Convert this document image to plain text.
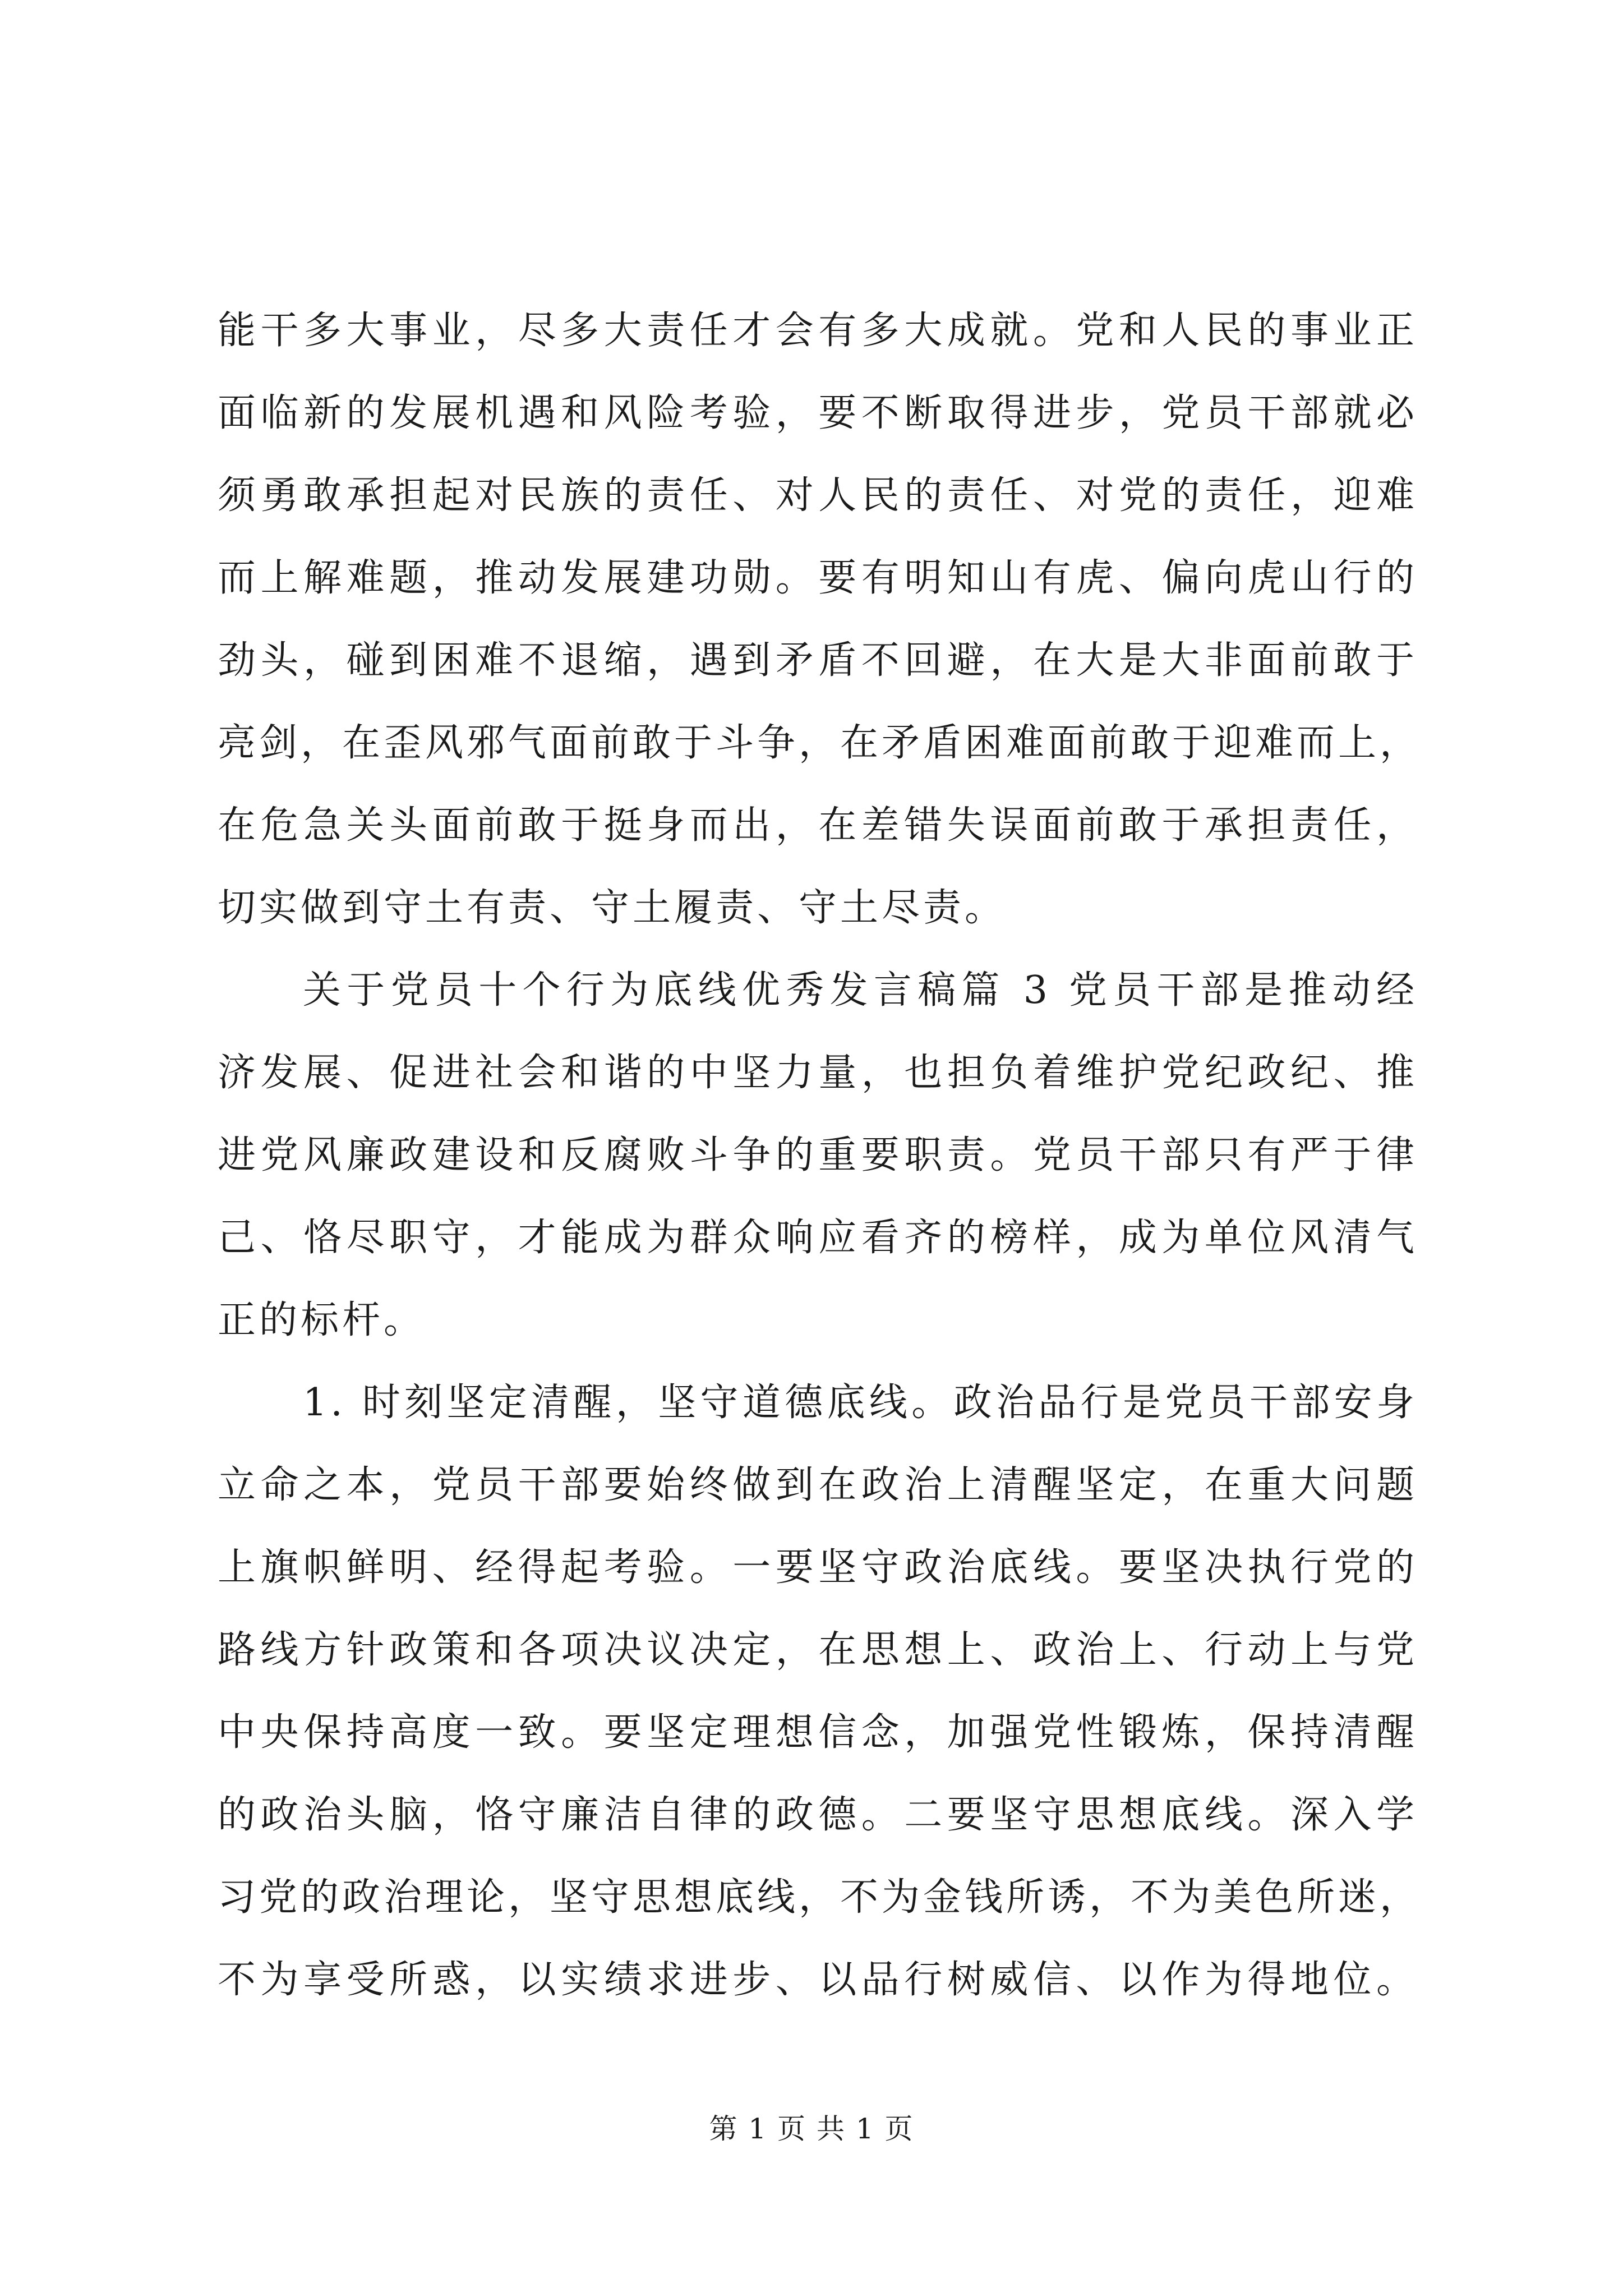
能干多大事业，尽多大责任才会有多大成就。党和人民的事业正
面临新的发展机遇和风险考验，要不断取得进步，党员干部就必
须勇敢承担起对民族的责任、对人民的责任、对党的责任，迎难
而上解难题，推动发展建功勋。要有明知山有虎、偏向虎山行的
劲头，碰到困难不退缩，遇到矛盾不回避，在大是大非面前敢于
亮剑，在歪风邪气面前敢于斗争，在矛盾困难面前敢于迎难而上，
在危急关头面前敢于挺身而出，在差错失误面前敢于承担责任，
切实做到守土有责、守土履责、守土尽责。
关于党员十个行为底线优秀发言稿篇 3 党员干部是推动经
济发展、促进社会和谐的中坚力量，也担负着维护党纪政纪、推
进党风廉政建设和反腐败斗争的重要职责。党员干部只有严于律
己、恪尽职守，才能成为群众响应看齐的榜样，成为单位风清气
正的标杆。
1. 时刻坚定清醒，坚守道德底线。政治品行是党员干部安身
立命之本，党员干部要始终做到在政治上清醒坚定，在重大问题
上旗帜鲜明、经得起考验。一要坚守政治底线。要坚决执行党的
路线方针政策和各项决议决定，在思想上、政治上、行动上与党
中央保持高度一致。要坚定理想信念，加强党性锻炼，保持清醒
的政治头脑，恪守廉洁自律的政德。二要坚守思想底线。深入学
习党的政治理论，坚守思想底线，不为金钱所诱，不为美色所迷，
不为享受所惑，以实绩求进步、以品行树威信、以作为得地位。
第 1 页 共 1 页
